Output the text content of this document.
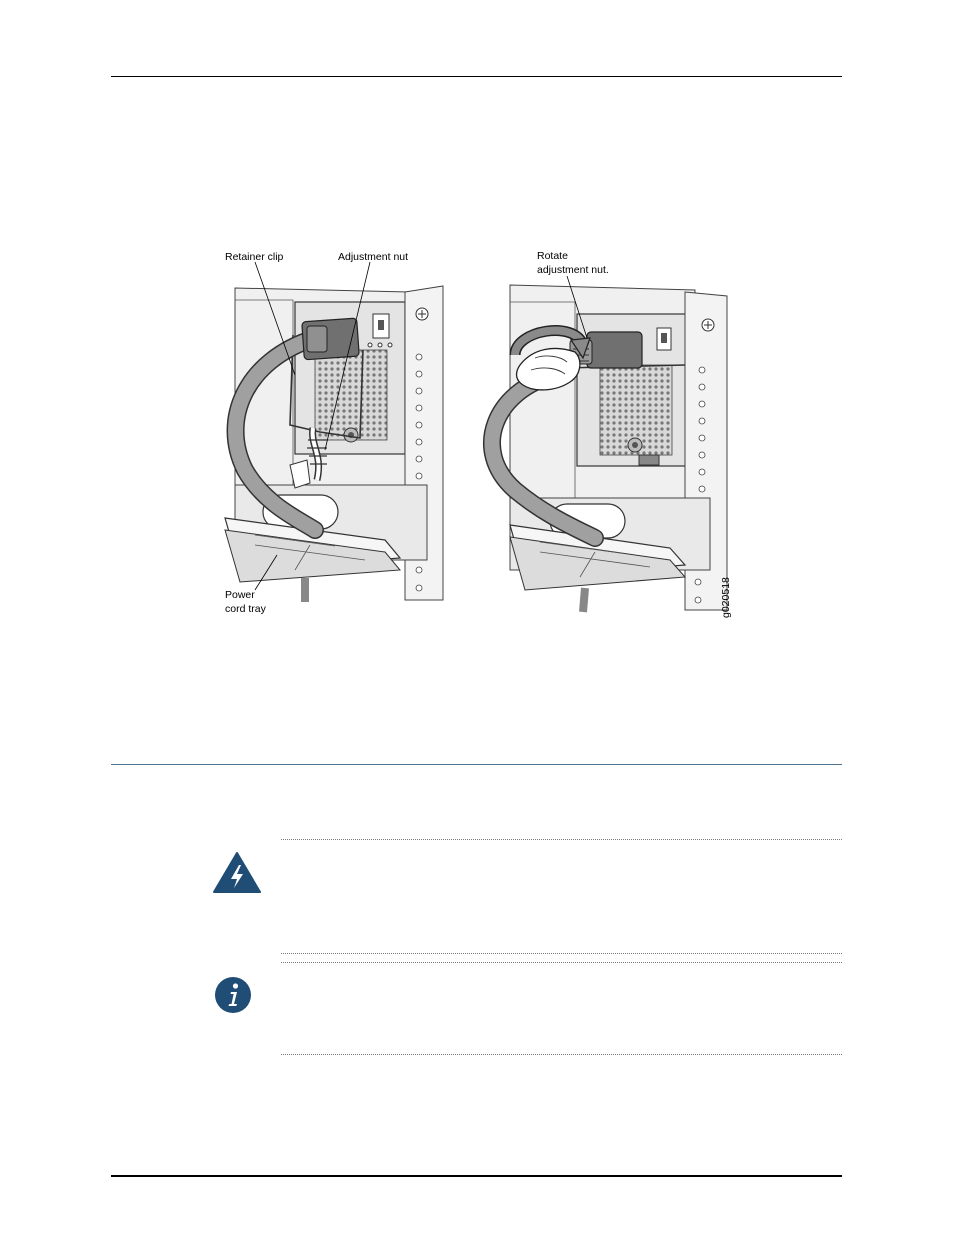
Retainer clip	Adjustment nut	Rotate
adjustment nut.
Power
cord tray	g020518
